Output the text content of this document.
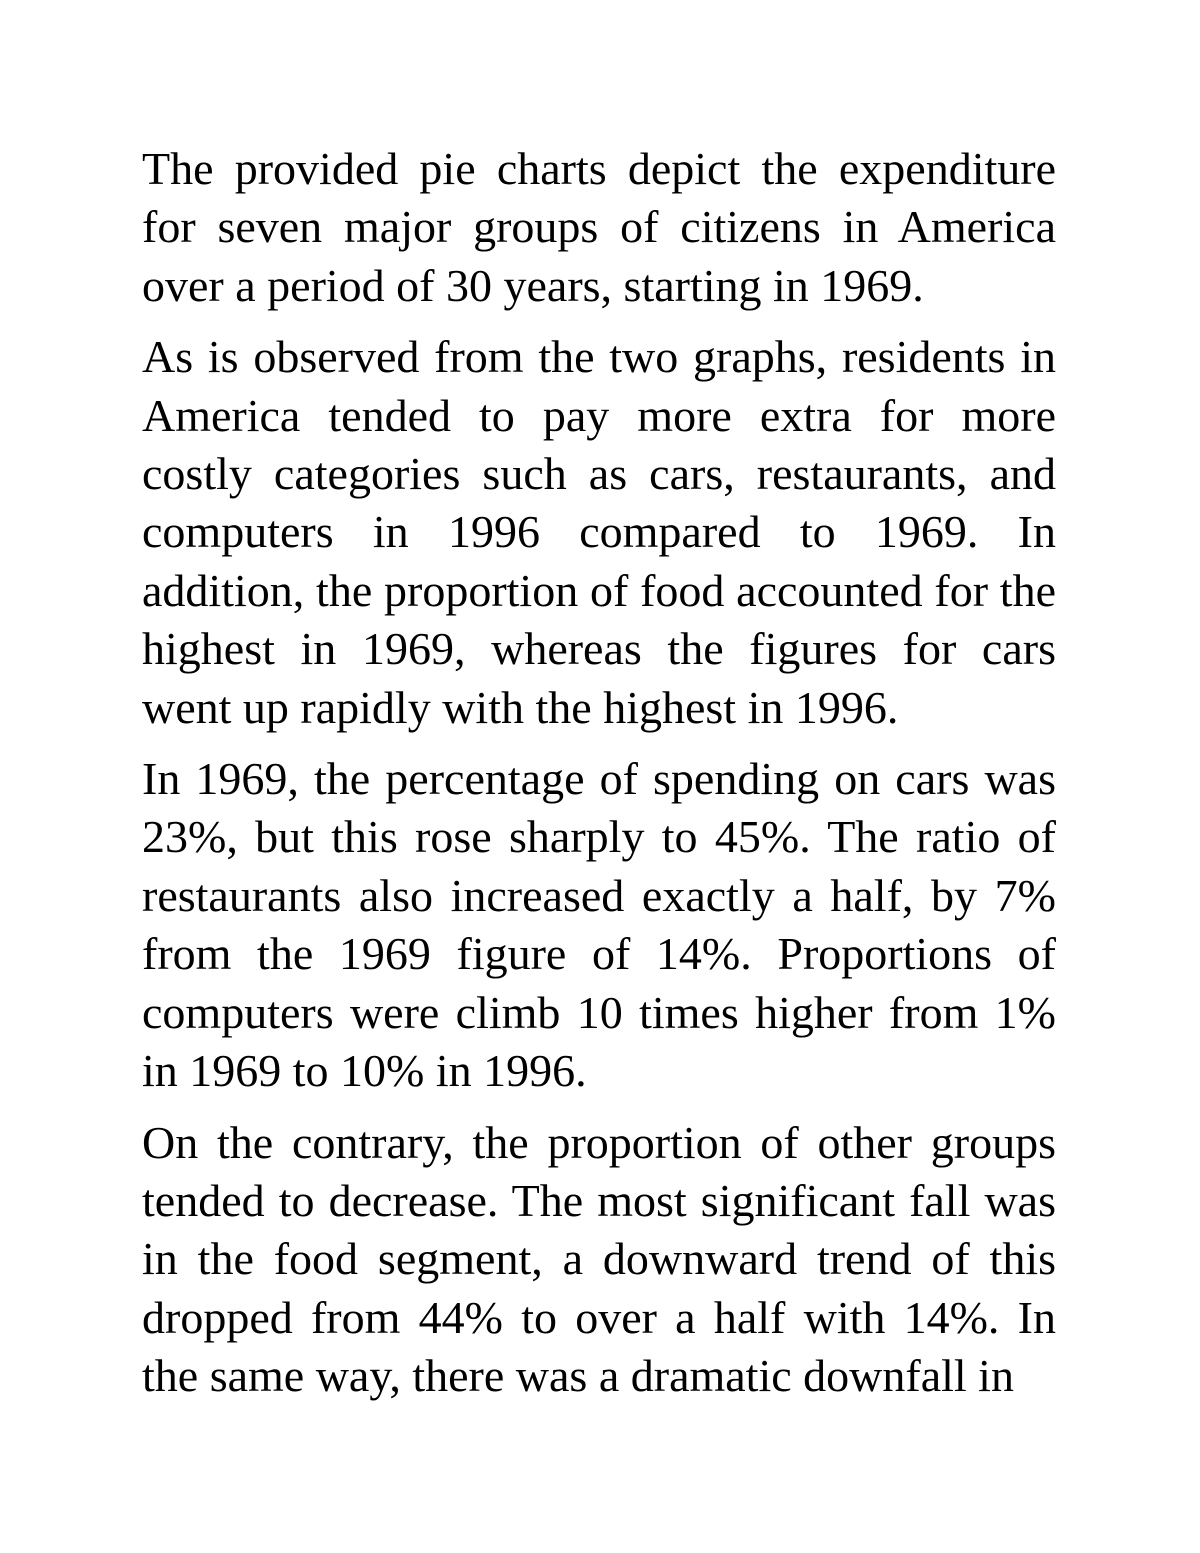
The provided pie charts depict the expenditure for seven major groups of citizens in America over a period of 30 years, starting in 1969.

As is observed from the two graphs, residents in America tended to pay more extra for more costly categories such as cars, restaurants, and computers in 1996 compared to 1969. In addition, the proportion of food accounted for the highest in 1969, whereas the figures for cars went up rapidly with the highest in 1996.

In 1969, the percentage of spending on cars was 23%, but this rose sharply to 45%. The ratio of restaurants also increased exactly a half, by 7% from the 1969 figure of 14%. Proportions of computers were climb 10 times higher from 1% in 1969 to 10% in 1996.

On the contrary, the proportion of other groups tended to decrease. The most significant fall was in the food segment, a downward trend of this dropped from 44% to over a half with 14%. In the same way, there was a dramatic downfall in
